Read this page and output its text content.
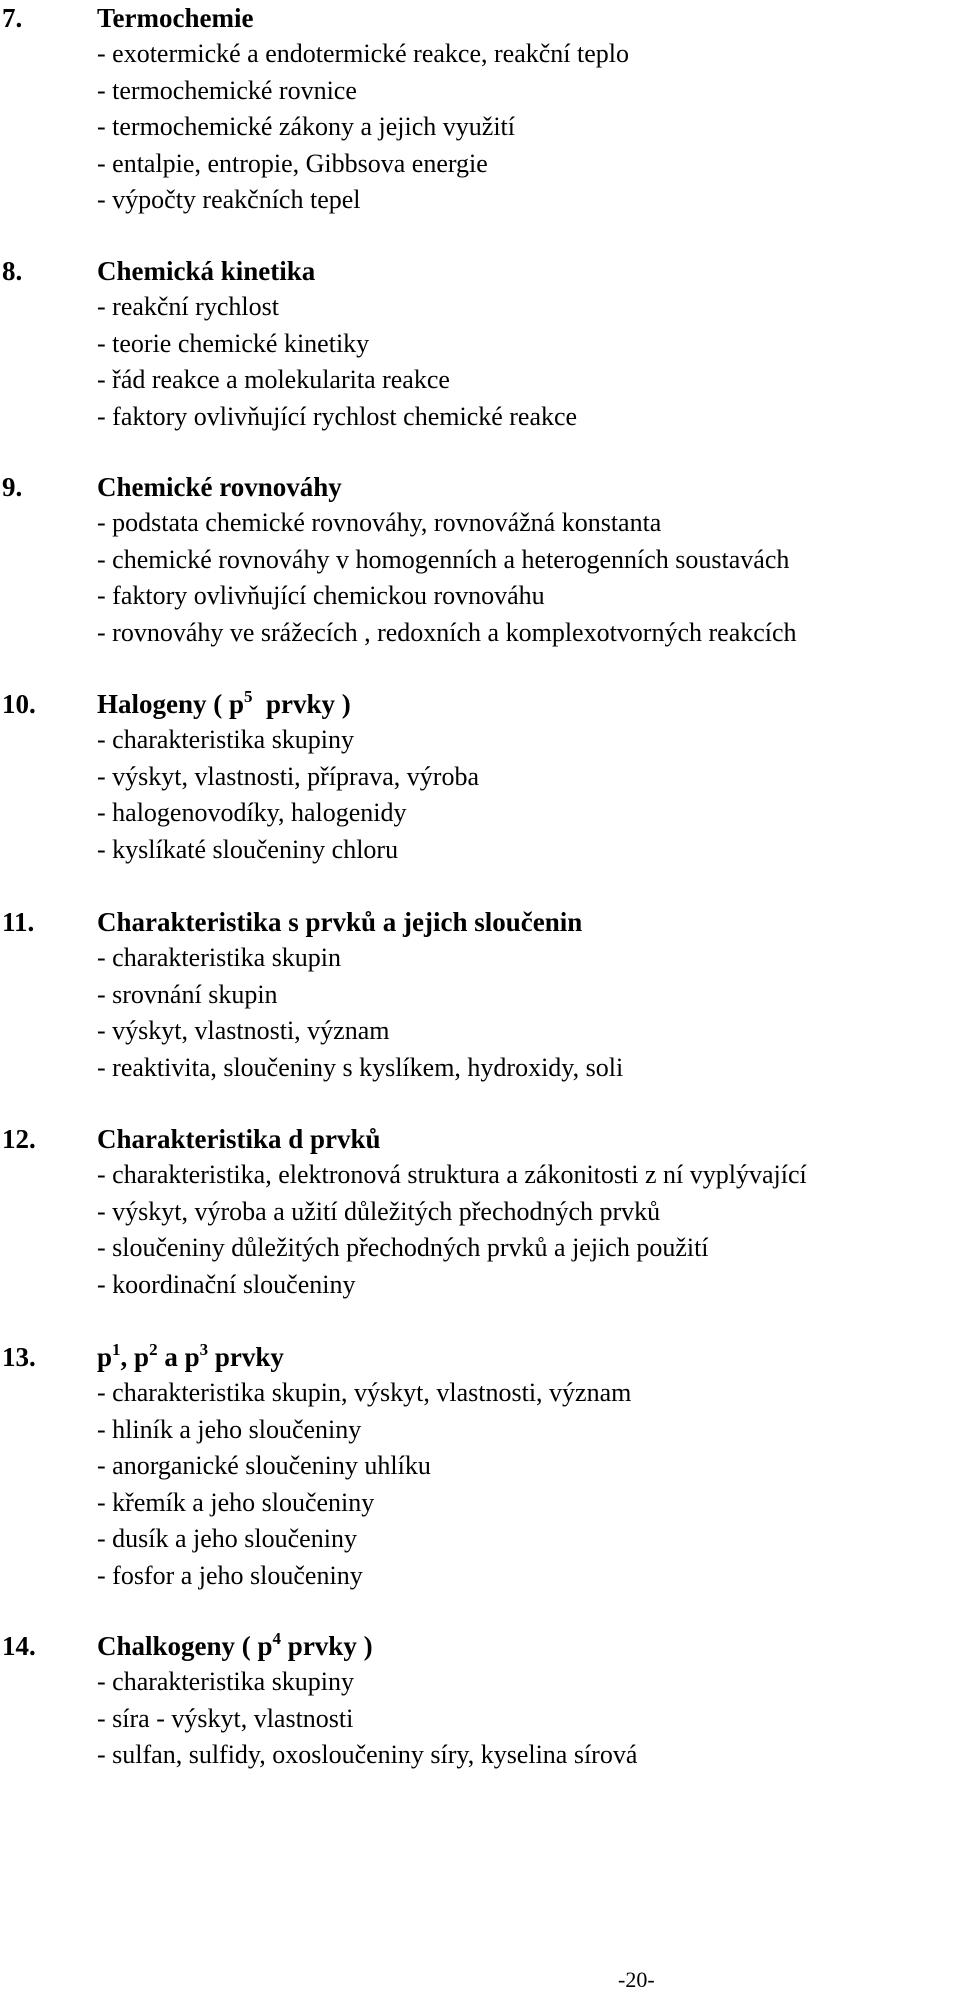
7.	Termochemie
- exotermické a endotermické reakce, reakční teplo
- termochemické rovnice
- termochemické zákony a jejich využití
- entalpie, entropie, Gibbsova energie
- výpočty reakčních tepel
8.	Chemická kinetika
- reakční rychlost
- teorie chemické kinetiky
- řád reakce a molekularita reakce
- faktory ovlivňující rychlost chemické reakce
9.	Chemické rovnováhy
- podstata chemické rovnováhy, rovnovážná konstanta
- chemické rovnováhy v homogenních a heterogenních soustavách
- faktory ovlivňující chemickou rovnováhu
- rovnováhy ve srážecích , redoxních a komplexotvorných reakcích
10. Halogeny ( $p^5$  prvky )
- charakteristika skupiny
- výskyt, vlastnosti, příprava, výroba
- halogenovodíky, halogenidy
- kyslíkaté sloučeniny chloru
11. Charakteristika s prvků a jejich sloučenin
- charakteristika skupin
- srovnání skupin
- výskyt, vlastnosti, význam
- reaktivita, sloučeniny s kyslíkem, hydroxidy, soli
12. Charakteristika d prvků
- charakteristika, elektronová struktura a zákonitosti z ní vyplývající
- výskyt, výroba a užití důležitých přechodných prvků
- sloučeniny důležitých přechodných prvků a jejich použití
- koordinační sloučeniny
13. $p^1$, $p^2$ a $p^3$ prvky
- charakteristika skupin, výskyt, vlastnosti, význam
- hliník a jeho sloučeniny
- anorganické sloučeniny uhlíku
- křemík a jeho sloučeniny
- dusík a jeho sloučeniny
- fosfor a jeho sloučeniny
14. Chalkogeny ( $p^4$ prvky )
- charakteristika skupiny
- síra - výskyt, vlastnosti
- sulfan, sulfidy, oxosloučeniny síry, kyselina sírová
-20-
